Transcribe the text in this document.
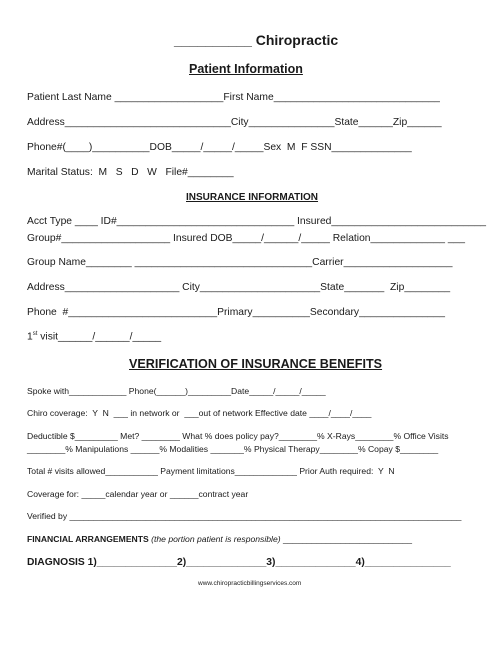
__________ Chiropractic
Patient Information
Patient Last Name ___________________First Name_____________________________
Address_____________________________City_______________State______Zip______
Phone#(____)__________DOB_____/_____/_____Sex  M  F SSN______________
Marital Status:  M   S   D   W   File#________
INSURANCE INFORMATION
Acct Type ____ ID#_______________________________ Insured___________________________
Group#___________________ Insured DOB_____/______/_____ Relation_____________ ___
Group Name________ _______________________________Carrier___________________
Address____________________ City_____________________State_______  Zip________
Phone  #__________________________Primary__________Secondary_______________
1st visit______/______/_____
VERIFICATION OF INSURANCE BENEFITS
Spoke with____________ Phone(______)_________Date_____/_____/_____
Chiro coverage:  Y  N  ___ in network or  ___out of network Effective date ____/____/____
Deductible $_________ Met? ________ What % does policy pay?________% X-Rays________% Office Visits
________% Manipulations ______% Modalities _______% Physical Therapy________% Copay $________
Total # visits allowed___________ Payment limitations_____________ Prior Auth required:  Y  N
Coverage for: _____calendar year or ______contract year
Verified by __________________________________________________________________________________
FINANCIAL ARRANGEMENTS (the portion patient is responsible) ___________________________
DIAGNOSIS 1)______________2)______________3)______________4)_______________
www.chiropracticbillingservices.com
